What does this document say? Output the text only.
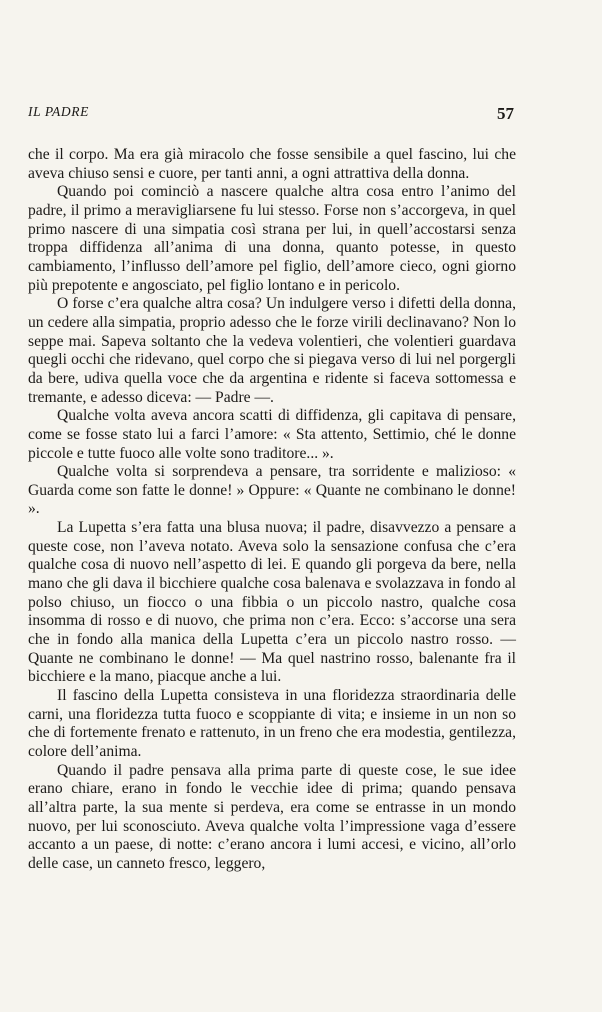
IL PADRE	57

che il corpo. Ma era già miracolo che fosse sensibile a quel fascino, lui che aveva chiuso sensi e cuore, per tanti anni, a ogni attrattiva della donna.

Quando poi cominciò a nascere qualche altra cosa entro l’animo del padre, il primo a meravigliarsene fu lui stesso. Forse non s’accorgeva, in quel primo nascere di una simpatia così strana per lui, in quell’accostarsi senza troppa diffidenza all’anima di una donna, quanto potesse, in questo cambiamento, l’influsso dell’amore pel figlio, dell’amore cieco, ogni giorno più prepotente e angosciato, pel figlio lontano e in pericolo.

O forse c’era qualche altra cosa? Un indulgere verso i difetti della donna, un cedere alla simpatia, proprio adesso che le forze virili declinavano? Non lo seppe mai. Sapeva soltanto che la vedeva volentieri, che volentieri guardava quegli occhi che ridevano, quel corpo che si piegava verso di lui nel porgergli da bere, udiva quella voce che da argentina e ridente si faceva sottomessa e tremante, e adesso diceva: — Padre —.

Qualche volta aveva ancora scatti di diffidenza, gli capitava di pensare, come se fosse stato lui a farci l’amore: « Sta attento, Settimio, ché le donne piccole e tutte fuoco alle volte sono traditore... ».

Qualche volta si sorprendeva a pensare, tra sorridente e malizioso: « Guarda come son fatte le donne! » Oppure: « Quante ne combinano le donne! ».

La Lupetta s’era fatta una blusa nuova; il padre, disavvezzo a pensare a queste cose, non l’aveva notato. Aveva solo la sensazione confusa che c’era qualche cosa di nuovo nell’aspetto di lei. E quando gli porgeva da bere, nella mano che gli dava il bicchiere qualche cosa balenava e svolazzava in fondo al polso chiuso, un fiocco o una fibbia o un piccolo nastro, qualche cosa insomma di rosso e di nuovo, che prima non c’era. Ecco: s’accorse una sera che in fondo alla manica della Lupetta c’era un piccolo nastro rosso. — Quante ne combinano le donne! — Ma quel nastrino rosso, balenante fra il bicchiere e la mano, piacque anche a lui.

Il fascino della Lupetta consisteva in una floridezza straordinaria delle carni, una floridezza tutta fuoco e scoppiante di vita; e insieme in un non so che di fortemente frenato e rattenuto, in un freno che era modestia, gentilezza, colore dell’anima.

Quando il padre pensava alla prima parte di queste cose, le sue idee erano chiare, erano in fondo le vecchie idee di prima; quando pensava all’altra parte, la sua mente si perdeva, era come se entrasse in un mondo nuovo, per lui sconosciuto. Aveva qualche volta l’impressione vaga d’essere accanto a un paese, di notte: c’erano ancora i lumi accesi, e vicino, all’orlo delle case, un canneto fresco, leggero,
